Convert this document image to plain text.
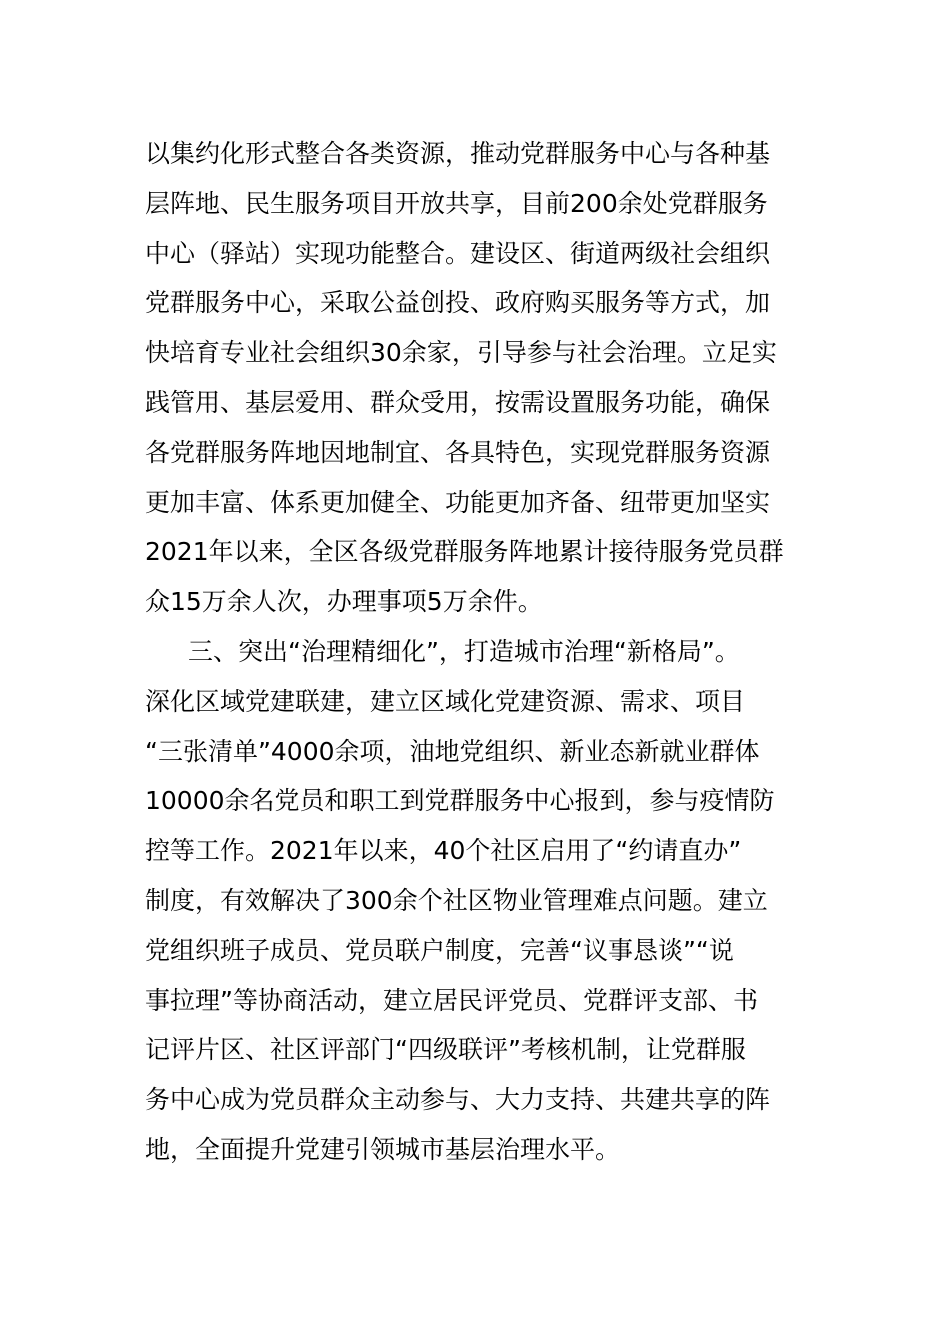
以集约化形式整合各类资源，推动党群服务中心与各种基
层阵地、民生服务项目开放共享，目前200余处党群服务
中心（驿站）实现功能整合。建设区、街道两级社会组织
党群服务中心，采取公益创投、政府购买服务等方式，加
快培育专业社会组织30余家，引导参与社会治理。立足实
践管用、基层爱用、群众受用，按需设置服务功能，确保
各党群服务阵地因地制宜、各具特色，实现党群服务资源
更加丰富、体系更加健全、功能更加齐备、纽带更加坚实
2021年以来，全区各级党群服务阵地累计接待服务党员群
众15万余人次，办理事项5万余件。
三、突出“治理精细化”，打造城市治理“新格局”。
深化区域党建联建，建立区域化党建资源、需求、项目
“三张清单”4000余项，油地党组织、新业态新就业群体
10000余名党员和职工到党群服务中心报到，参与疫情防
控等工作。2021年以来，40个社区启用了“约请直办”
制度，有效解决了300余个社区物业管理难点问题。建立
党组织班子成员、党员联户制度，完善“议事恳谈”“说
事拉理”等协商活动，建立居民评党员、党群评支部、书
记评片区、社区评部门“四级联评”考核机制，让党群服
务中心成为党员群众主动参与、大力支持、共建共享的阵
地，全面提升党建引领城市基层治理水平。
